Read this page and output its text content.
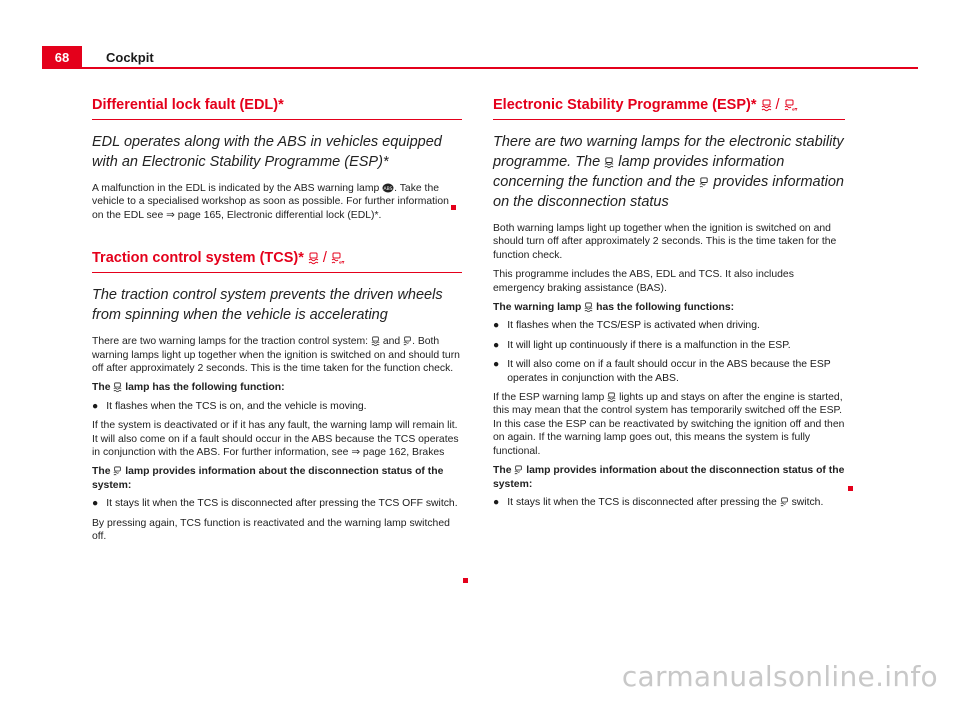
68	Cockpit
Differential lock fault (EDL)*
EDL operates along with the ABS in vehicles equipped with an Electronic Stability Programme (ESP)*

A malfunction in the EDL is indicated by the ABS warning lamp ABS . Take the vehicle to a specialised workshop as soon as possible. For further information on the EDL see ⇒ page 165, Electronic differential lock (EDL)*.

Traction control system (TCS)* /	off
The traction control system prevents the driven wheels from spinning when the vehicle is accelerating

There are two warning lamps for the traction control system: and . Both warning lamps light up together when the ignition is switched on and should turn off after approximately 2 seconds. This is the time taken for the function check.

The lamp has the following function:

● It flashes when the TCS is on, and the vehicle is moving.

If the system is deactivated or if it has any fault, the warning lamp will remain lit. It will also come on if a fault should occur in the ABS because the TCS operates in conjunction with the ABS. For further information, see ⇒ page 162, Brakes

The lamp provides information about the disconnection status of the system:

● It stays lit when the TCS is disconnected after pressing the TCS OFF switch.

By pressing again, TCS function is reactivated and the warning lamp switched off.

Electronic Stability Programme (ESP)* /	off
There are two warning lamps for the electronic stability programme. The lamp provides information concerning the function and the provides information on the disconnection status

Both warning lamps light up together when the ignition is switched on and should turn off after approximately 2 seconds. This is the time taken for the function check.

This programme includes the ABS, EDL and TCS. It also includes emergency braking assistance (BAS).

The warning lamp has the following functions:

● It flashes when the TCS/ESP is activated when driving.
● It will light up continuously if there is a malfunction in the ESP.
● It will also come on if a fault should occur in the ABS because the ESP operates in conjunction with the ABS.

If the ESP warning lamp lights up and stays on after the engine is started, this may mean that the control system has temporarily switched off the ESP. In this case the ESP can be reactivated by switching the ignition off and then on again. If the warning lamp goes out, this means the system is fully functional.

The lamp provides information about the disconnection status of the system:

● It stays lit when the TCS is disconnected after pressing the switch.
carmanualsonline.info
